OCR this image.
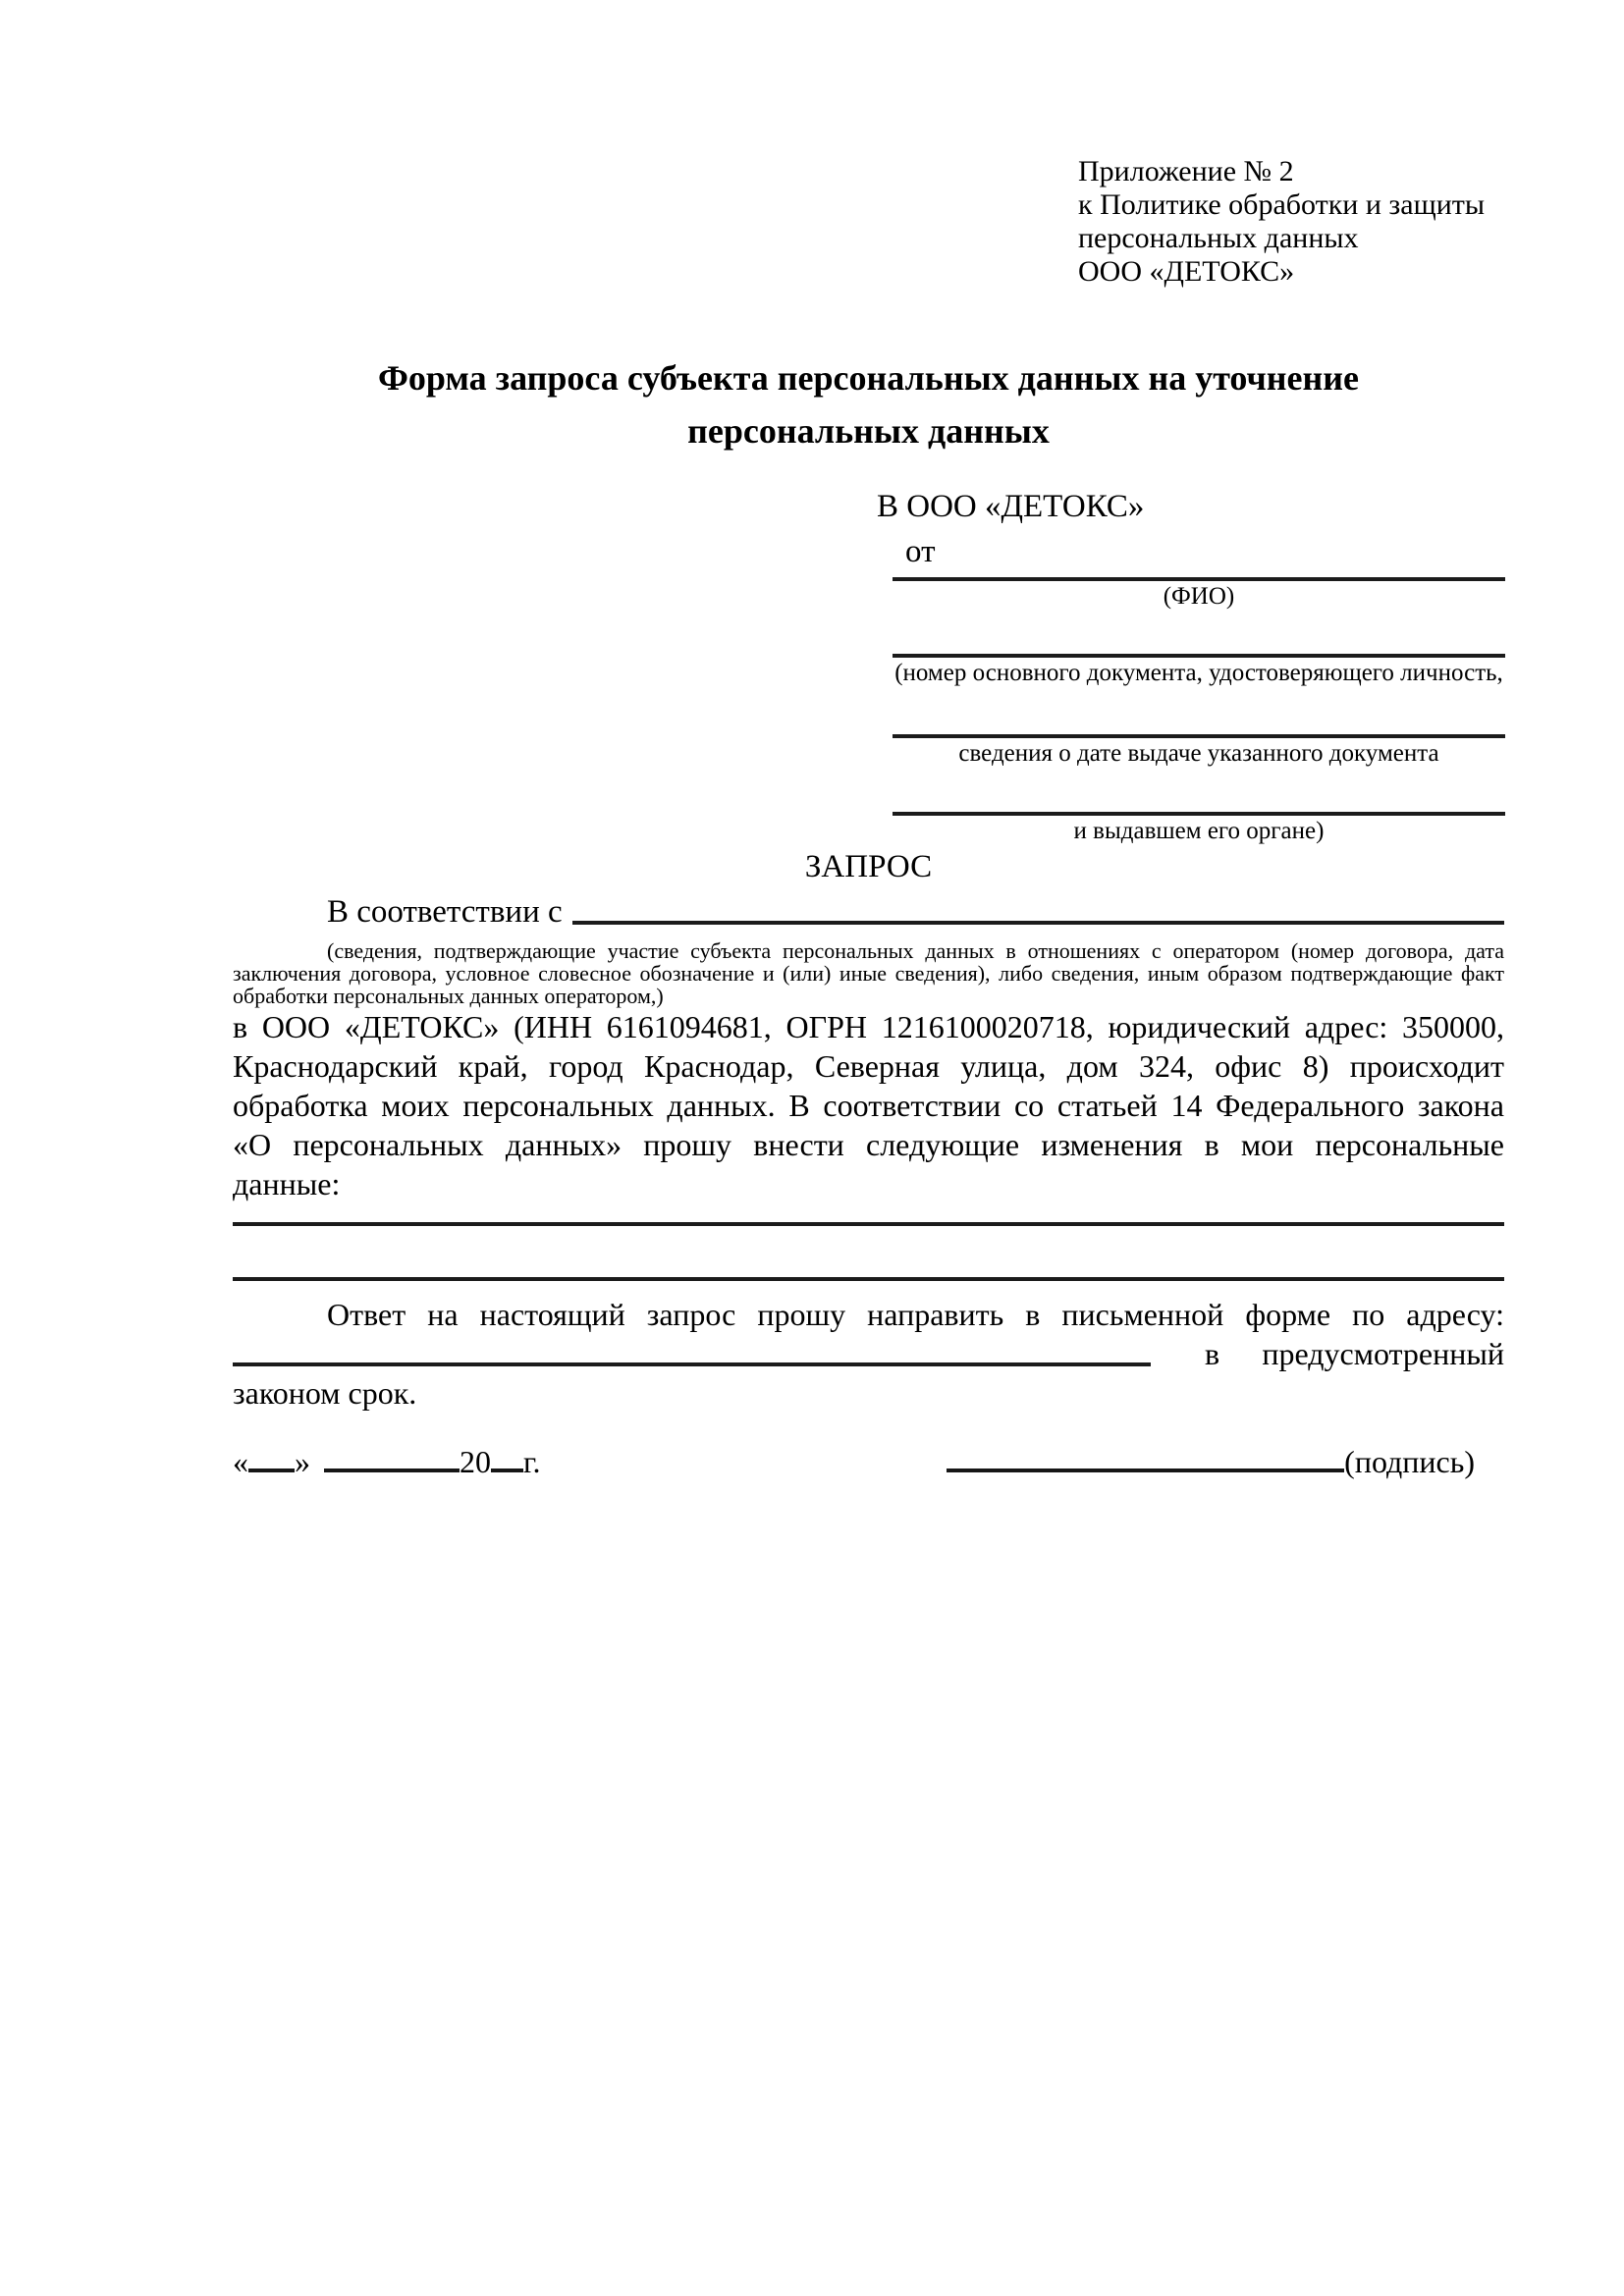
Приложение № 2
к Политике обработки и защиты
персональных данных
ООО «ДЕТОКС»
Форма запроса субъекта персональных данных на уточнение
персональных данных
В ООО «ДЕТОКС»
от
(ФИО)
(номер основного документа, удостоверяющего личность,
сведения о дате выдаче указанного документа
и выдавшем его органе)
ЗАПРОС
В соответствии с
(сведения, подтверждающие участие субъекта персональных данных в отношениях с оператором (номер договора, дата
заключения договора, условное словесное обозначение и (или) иные сведения), либо сведения, иным образом подтверждающие факт
обработки персональных данных оператором,)
в ООО «ДЕТОКС» (ИНН 6161094681, ОГРН 1216100020718, юридический адрес: 350000,
Краснодарский край, город Краснодар, Северная улица, дом 324, офис 8) происходит
обработка моих персональных данных. В соответствии со статьей 14 Федерального закона
«О персональных данных» прошу внести следующие изменения в мои персональные
данные:
Ответ на настоящий запрос прошу направить в письменной форме по адресу:
в предусмотренный
законом срок.
« »	20 г.	(подпись)
